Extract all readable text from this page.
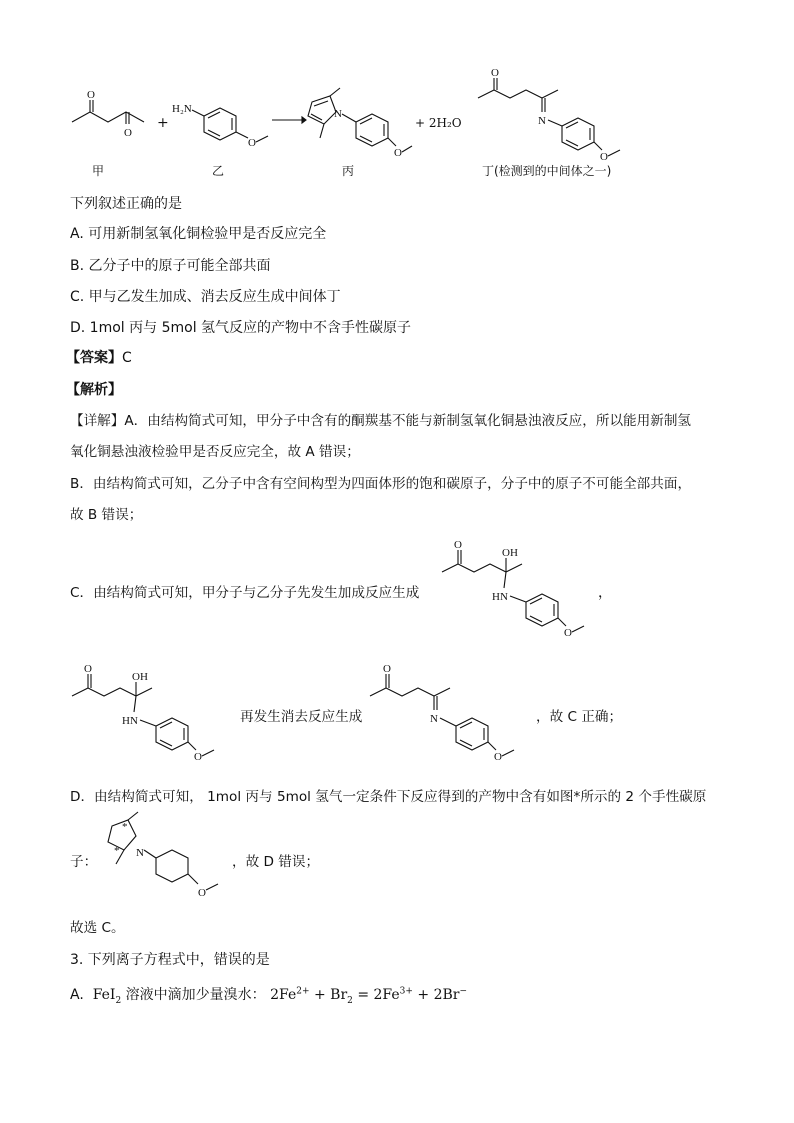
O
O
甲
+
H₂N
O
乙
N
O
丙
+ 2H₂O
O
N
O
丁(检测到的中间体之一)
下列叙述正确的是
A. 可用新制氢氧化铜检验甲是否反应完全
B. 乙分子中的原子可能全部共面
C. 甲与乙发生加成、消去反应生成中间体丁
D. 1mol 丙与 5mol 氢气反应的产物中不含手性碳原子
【答案】C
【解析】
【详解】A．由结构简式可知，甲分子中含有的酮羰基不能与新制氢氧化铜悬浊液反应，所以能用新制氢
氧化铜悬浊液检验甲是否反应完全，故 A 错误；
B．由结构简式可知，乙分子中含有空间构型为四面体形的饱和碳原子，分子中的原子不可能全部共面，
故 B 错误；
C．由结构简式可知，甲分子与乙分子先发生加成反应生成
O
OH
HN
O
，
O
OH
HN
O
再发生消去反应生成
O
N
O
，故 C 正确；
D．由结构简式可知， 1mol 丙与 5mol 氢气一定条件下反应得到的产物中含有如图*所示的 2 个手性碳原
子：
*
* N
O
，故 D 错误；
故选 C。
3. 下列离子方程式中，错误的是
A. FeI$_2$ 溶液中滴加少量溴水： $2Fe^{2+} + Br_2 = 2Fe^{3+} + 2Br^-$
